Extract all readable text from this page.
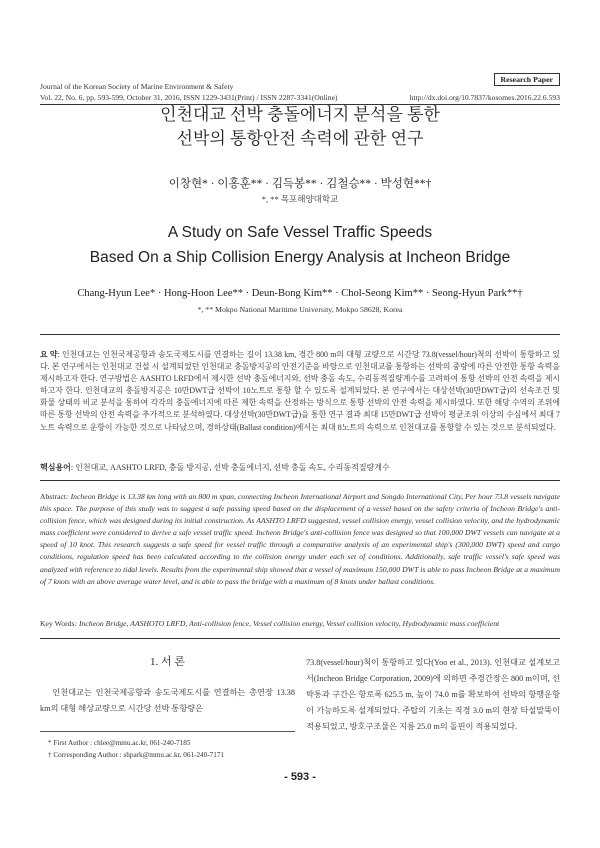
Research Paper
Journal of the Korean Society of Marine Environment & Safety
Vol. 22, No. 6, pp. 593-599, October 31, 2016, ISSN 1229-3431(Print) / ISSN 2287-3341(Online)	http://dx.doi.org/10.7837/kosomes.2016.22.6.593
인천대교 선박 충돌에너지 분석을 통한
선박의 통항안전 속력에 관한 연구
이창현* · 이홍훈** · 김득봉** · 김철승** · 박성현**†
*, ** 목포해양대학교
A Study on Safe Vessel Traffic Speeds
Based On a Ship Collision Energy Analysis at Incheon Bridge
Chang-Hyun Lee* · Hong-Hoon Lee** · Deun-Bong Kim** · Chol-Seong Kim** · Seong-Hyun Park**†
*, ** Mokpo National Maritime University, Mokpo 58628, Korea
요 약: 인천대교는 인천국제공항과 송도국제도시를 연결하는 길이 13.38 km, 경간 800 m의 대형 교량으로 시간당 73.8(vessel/hour)척의 선박이 통항하고 있다. 본 연구에서는 인천대교 건설 시 설계되었던 인천대교 충돌방지공의 안전기준을 바탕으로 인천대교를 통항하는 선박의 중량에 따른 안전한 통항 속력을 제시하고자 한다. 연구방법은 AASHTO LRFD에서 제시한 선박 충돌에너지와, 선박 충돌 속도, 수리동적질량계수를 고려하여 통항 선박의 안전 속력을 제시하고자 한다. 인천대교의 충돌방지공은 10만DWT급 선박이 10노트로 통항 할 수 있도록 설계되었다. 본 연구에서는 대상선박(30만DWT급)의 선속조건 및 화물 상태의 비교 분석을 통하여 각각의 충돌에너지에 따른 제한 속력을 산정하는 방식으로 통항 선박의 안전 속력을 제시하였다. 또한 해당 수역의 조위에 따른 통항 선박의 안전 속력을 추가적으로 분석하였다. 대상선박(30만DWT급)을 통한 연구 결과 최대 15만DWT급 선박이 평균조위 이상의 수심에서 최대 7노트 속력으로 운항이 가능한 것으로 나타났으며, 경하상태(Ballast condition)에서는 최대 8노트의 속력으로 인천대교를 통항할 수 있는 것으로 분석되었다.
핵심용어: 인천대교, AASHTO LRFD, 충돌 방지공, 선박 충돌에너지, 선박 충돌 속도, 수리동적질량계수
Abstract: Incheon Bridge is 13.38 km long with an 800 m span, connecting Incheon International Airport and Songdo International City, Per hour 73.8 vessels navigate this space. The purpose of this study was to suggest a safe passing speed based on the displacement of a vessel based on the safety criteria of Incheon Bridge's anti-collision fence, which was designed during its initial construction. As AASHTO LRFD suggested, vessel collision energy, vessel collision velocity, and the hydrodynamic mass coefficient were considered to derive a safe vessel traffic speed. Incheon Bridge's anti-collision fence was designed so that 100,000 DWT vessels can navigate at a speed of 10 knot. This research suggests a safe speed for vessel traffic through a comparative analysis of an experimental ship's (300,000 DWT) speed and cargo conditions, regulation speed has been calculated according to the collision energy under each set of conditions. Additionally, safe traffic vessel's safe speed was analyzed with reference to tidal levels. Results from the experimental ship showed that a vessel of maximum 150,000 DWT is able to pass Incheon Bridge at a maximum of 7 knots with an above average water level, and is able to pass the bridge with a maximum of 8 knots under ballast conditions.
Key Words: Incheon Bridge, AASHOTO LRFD, Anti-collision fence, Vessel collision energy, Vessel collision velocity, Hydrodynamic mass coefficient
1. 서 론
인천대교는 인천국제공항과 송도국제도시를 연결하는 총연장 13.38 km의 대형 해상교량으로 시간당 선박 통항량은
73.8(vessel/hour)척이 통항하고 있다(Yoo et al., 2013). 인천대교 설계보고서(Incheon Bridge Corporation, 2009)에 의하면 주경간장은 800 m이며, 선박통과 구간은 항로폭 625.5 m, 높이 74.0 m를 확보하여 선박의 항행운항이 가능하도록 설계되었다. 주탑의 기초는 직경 3.0 m의 현장 타설말뚝이 적용되었고, 방호구조물은 지름 25.0 m의 돌핀이 적용되었다.
* First Author : chlee@mmu.ac.kr, 061-240-7185
† Corresponding Author : shpark@mmu.ac.kr, 061-240-7171
- 593 -
